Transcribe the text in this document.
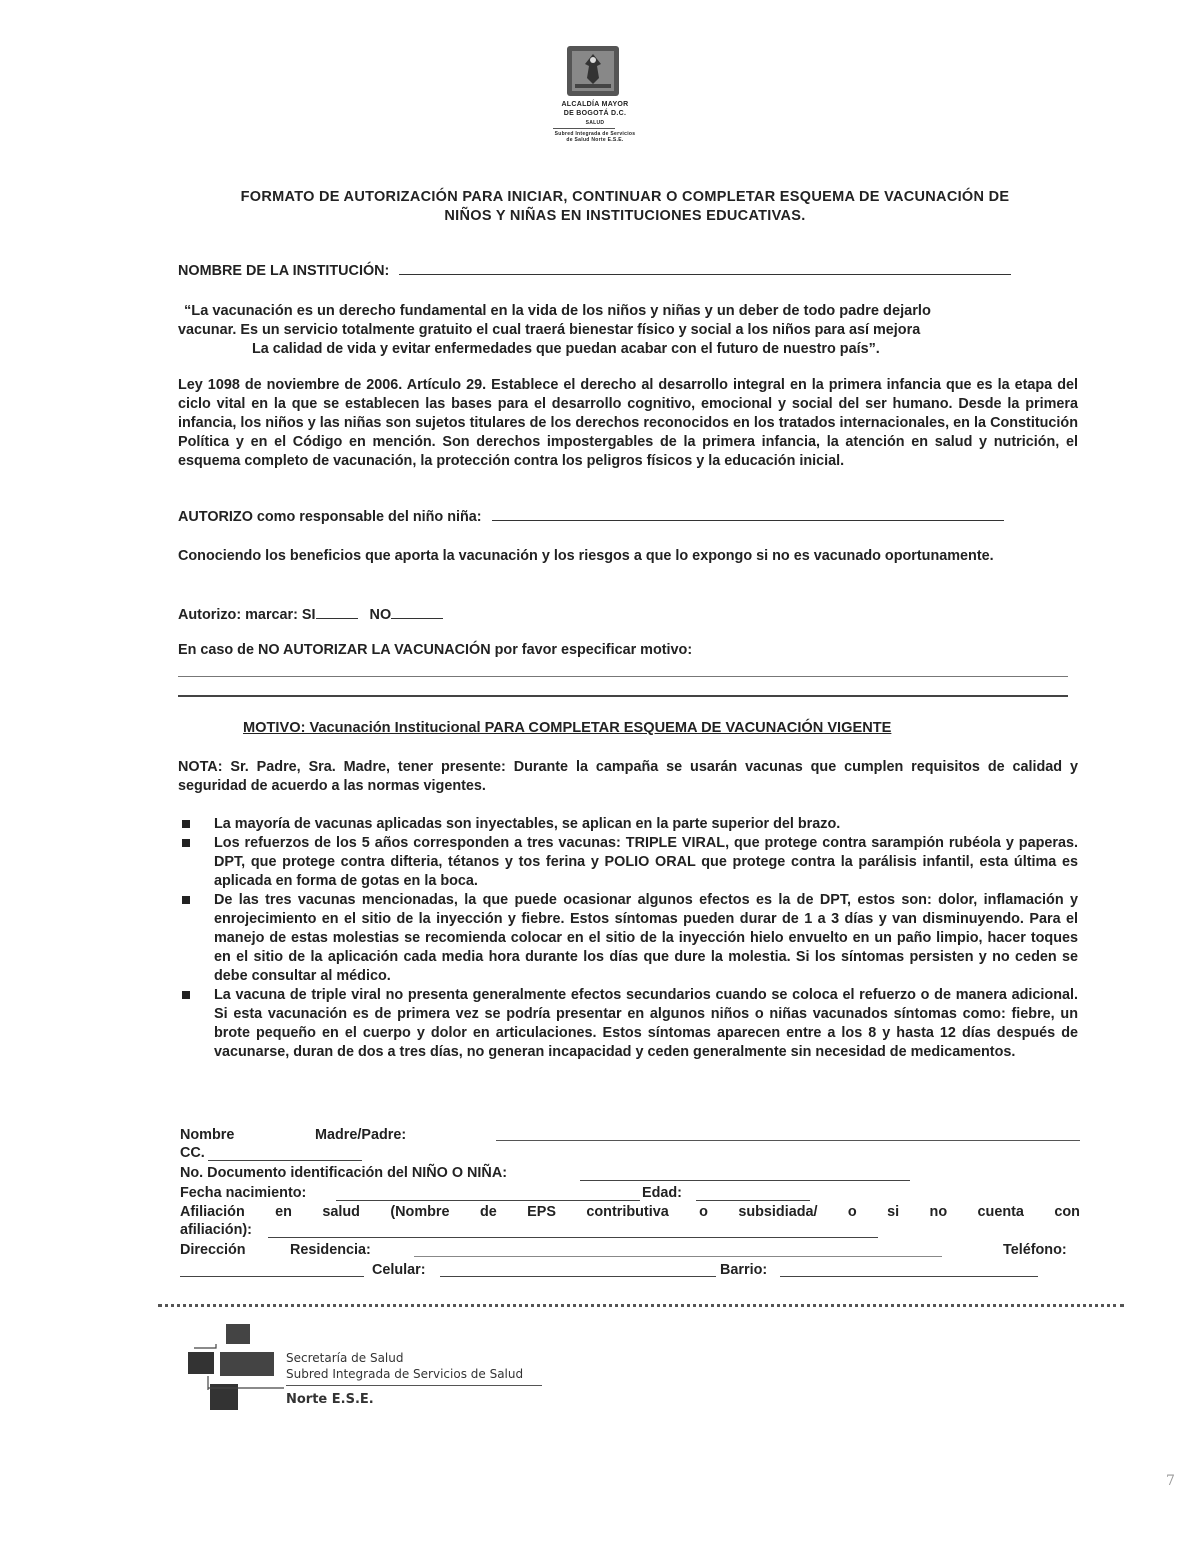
ALCALDÍA MAYOR
DE BOGOTÁ D.C.
SALUD
Subred Integrada de Servicios
de Salud Norte E.S.E.
FORMATO DE AUTORIZACIÓN PARA INICIAR, CONTINUAR O COMPLETAR ESQUEMA DE VACUNACIÓN DE
NIÑOS Y NIÑAS EN INSTITUCIONES EDUCATIVAS.
NOMBRE DE LA INSTITUCIÓN:
“La vacunación es un derecho fundamental en la vida de los niños y niñas y un deber de todo padre dejarlo
vacunar. Es un servicio totalmente gratuito el cual traerá bienestar físico y social a los niños para así mejora
La calidad de vida y evitar enfermedades que puedan acabar con el futuro de nuestro país”.
Ley 1098 de noviembre de 2006. Artículo 29. Establece el derecho al desarrollo integral en la primera infancia que es la etapa del ciclo vital en la que se establecen las bases para el desarrollo cognitivo, emocional y social del ser humano. Desde la primera infancia, los niños y las niñas son sujetos titulares de los derechos reconocidos en los tratados internacionales, en la Constitución Política y en el Código en mención. Son derechos impostergables de la primera infancia, la atención en salud y nutrición, el esquema completo de vacunación, la protección contra los peligros físicos y la educación inicial.
AUTORIZO como responsable del niño niña:
Conociendo los beneficios que aporta la vacunación y los riesgos a que lo expongo si no es vacunado oportunamente.
Autorizo: marcar: SI	NO
En caso de NO AUTORIZAR LA VACUNACIÓN por favor especificar motivo:
MOTIVO: Vacunación Institucional PARA COMPLETAR ESQUEMA DE VACUNACIÓN VIGENTE
NOTA: Sr. Padre, Sra. Madre, tener presente: Durante la campaña se usarán vacunas que cumplen requisitos de calidad y seguridad de acuerdo a las normas vigentes.
La mayoría de vacunas aplicadas son inyectables, se aplican en la parte superior del brazo.
Los refuerzos de los 5 años corresponden a tres vacunas: TRIPLE VIRAL, que protege contra sarampión rubéola y paperas. DPT, que protege contra difteria, tétanos y tos ferina y POLIO ORAL que protege contra la parálisis infantil, esta última es aplicada en forma de gotas en la boca.
De las tres vacunas mencionadas, la que puede ocasionar algunos efectos es la de DPT, estos son: dolor, inflamación y enrojecimiento en el sitio de la inyección y fiebre. Estos síntomas pueden durar de 1 a 3 días y van disminuyendo. Para el manejo de estas molestias se recomienda colocar en el sitio de la inyección hielo envuelto en un paño limpio, hacer toques en el sitio de la aplicación cada media hora durante los días que dure la molestia. Si los síntomas persisten y no ceden se debe consultar al médico.
La vacuna de triple viral no presenta generalmente efectos secundarios cuando se coloca el refuerzo o de manera adicional. Si esta vacunación es de primera vez se podría presentar en algunos niños o niñas vacunados síntomas como: fiebre, un brote pequeño en el cuerpo y dolor en articulaciones. Estos síntomas aparecen entre a los 8 y hasta 12 días después de vacunarse, duran de dos a tres días, no generan incapacidad y ceden generalmente sin necesidad de medicamentos.
Nombre	Madre/Padre:
CC.
No. Documento identificación del NIÑO O NIÑA:
Fecha nacimiento:	Edad:
Afiliación en salud (Nombre de EPS contributiva o subsidiada/ o si no cuenta con
afiliación):
Dirección	Residencia:	Teléfono:
Celular:	Barrio:
Secretaría de Salud
Subred Integrada de Servicios de Salud
Norte E.S.E.
7
